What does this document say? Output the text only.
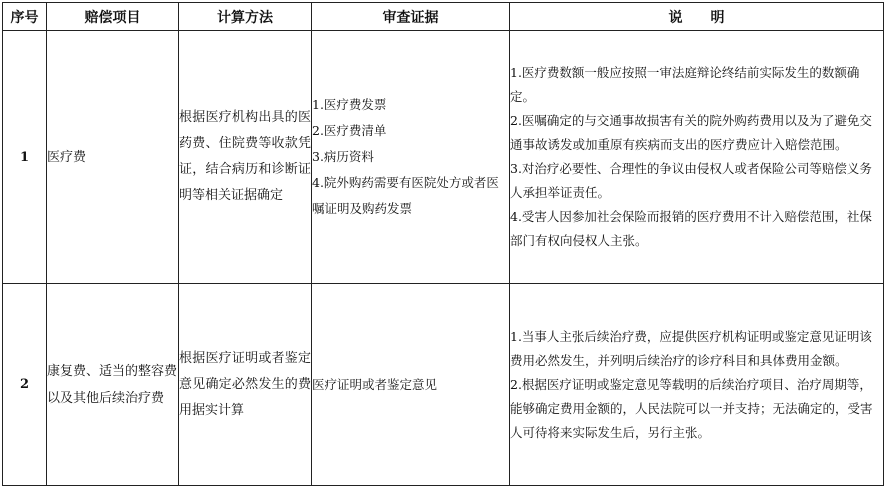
序号	赔偿项目	计算方法	审查证据	说明
1	医疗费	根据医疗机构出具的医药费、住院费等收款凭证，结合病历和诊断证明等相关证据确定	1.医疗费发票
2.医疗费清单
3.病历资料
4.院外购药需要有医院处方或者医嘱证明及购药发票	1.医疗费数额一般应按照一审法庭辩论终结前实际发生的数额确定。
2.医嘱确定的与交通事故损害有关的院外购药费用以及为了避免交通事故诱发或加重原有疾病而支出的医疗费应计入赔偿范围。
3.对治疗必要性、合理性的争议由侵权人或者保险公司等赔偿义务人承担举证责任。
4.受害人因参加社会保险而报销的医疗费用不计入赔偿范围，社保部门有权向侵权人主张。

2	康复费、适当的整容费以及其他后续治疗费	根据医疗证明或者鉴定意见确定必然发生的费用据实计算	医疗证明或者鉴定意见	1.当事人主张后续治疗费，应提供医疗机构证明或鉴定意见证明该费用必然发生，并列明后续治疗的诊疗科目和具体费用金额。
2.根据医疗证明或鉴定意见等载明的后续治疗项目、治疗周期等，能够确定费用金额的，人民法院可以一并支持；无法确定的，受害人可待将来实际发生后，另行主张。
